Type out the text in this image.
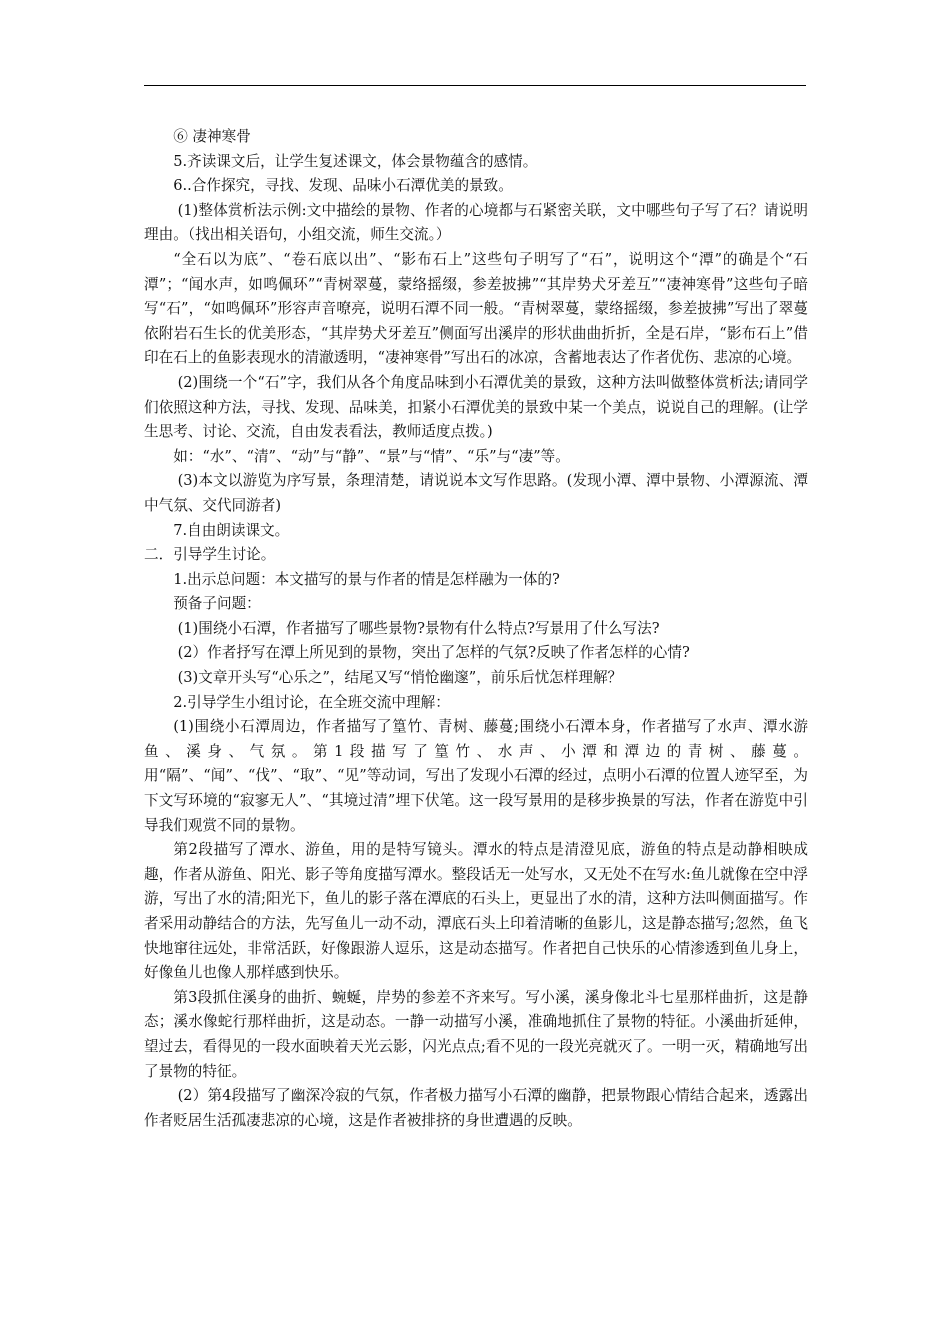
⑥ 凄神寒骨

5.齐读课文后，让学生复述课文，体会景物蕴含的感情。

6..合作探究，寻找、发现、品味小石潭优美的景致。

(1)整体赏析法示例:文中描绘的景物、作者的心境都与石紧密关联，文中哪些句子写了石？请说明理由。（找出相关语句，小组交流，师生交流。）

“全石以为底”、“卷石底以出”、“影布石上”这些句子明写了“石”，说明这个“潭”的确是个“石潭”；“闻水声，如鸣佩环”“青树翠蔓，蒙络摇缀，参差披拂”“其岸势犬牙差互”“凄神寒骨”这些句子暗写“石”，“如鸣佩环”形容声音嘹亮，说明石潭不同一般。“青树翠蔓，蒙络摇缀，参差披拂”写出了翠蔓依附岩石生长的优美形态，“其岸势犬牙差互”侧面写出溪岸的形状曲曲折折，全是石岸，“影布石上”借印在石上的鱼影表现水的清澈透明，“凄神寒骨”写出石的冰凉，含蓄地表达了作者优伤、悲凉的心境。

(2)围绕一个“石”字，我们从各个角度品味到小石潭优美的景致，这种方法叫做整体赏析法;请同学们依照这种方法，寻找、发现、品味美，扣紧小石潭优美的景致中某一个美点，说说自己的理解。(让学生思考、讨论、交流，自由发表看法，教师适度点拨。)

如：“水”、“清”、“动”与“静”、“景”与“情”、“乐”与“凄”等。

(3)本文以游览为序写景，条理清楚，请说说本文写作思路。(发现小潭、潭中景物、小潭源流、潭中气氛、交代同游者)

7.自由朗读课文。

二．引导学生讨论。

1.出示总问题：本文描写的景与作者的情是怎样融为一体的?

预备子问题：

(1)围绕小石潭，作者描写了哪些景物?景物有什么特点?写景用了什么写法?

(2）作者抒写在潭上所见到的景物，突出了怎样的气氛?反映了作者怎样的心情?

(3)文章开头写“心乐之”，结尾又写“悄怆幽邃”，前乐后忧怎样理解？

2.引导学生小组讨论，在全班交流中理解：

(1)围绕小石潭周边，作者描写了篁竹、青树、藤蔓;围绕小石潭本身，作者描写了水声、潭水游鱼、溪身、气氛。第1段描写了篁竹、水声、小潭和潭边的青树、藤蔓。用“隔”、“闻”、“伐”、“取”、“见”等动词，写出了发现小石潭的经过，点明小石潭的位置人迹罕至，为下文写环境的“寂寥无人”、“其境过清”埋下伏笔。这一段写景用的是移步换景的写法，作者在游览中引导我们观赏不同的景物。

第2段描写了潭水、游鱼，用的是特写镜头。潭水的特点是清澄见底，游鱼的特点是动静相映成趣，作者从游鱼、阳光、影子等角度描写潭水。整段话无一处写水，又无处不在写水:鱼儿就像在空中浮游，写出了水的清;阳光下，鱼儿的影子落在潭底的石头上，更显出了水的清，这种方法叫侧面描写。作者采用动静结合的方法，先写鱼儿一动不动，潭底石头上印着清晰的鱼影儿，这是静态描写;忽然，鱼飞快地窜往远处，非常活跃，好像跟游人逗乐，这是动态描写。作者把自己快乐的心情渗透到鱼儿身上，好像鱼儿也像人那样感到快乐。

第3段抓住溪身的曲折、蜿蜒，岸势的参差不齐来写。写小溪，溪身像北斗七星那样曲折，这是静态；溪水像蛇行那样曲折，这是动态。一静一动描写小溪，准确地抓住了景物的特征。小溪曲折延伸，望过去，看得见的一段水面映着天光云影，闪光点点;看不见的一段光亮就灭了。一明一灭，精确地写出了景物的特征。

(2）第4段描写了幽深冷寂的气氛，作者极力描写小石潭的幽静，把景物跟心情结合起来，透露出作者贬居生活孤凄悲凉的心境，这是作者被排挤的身世遭遇的反映。
